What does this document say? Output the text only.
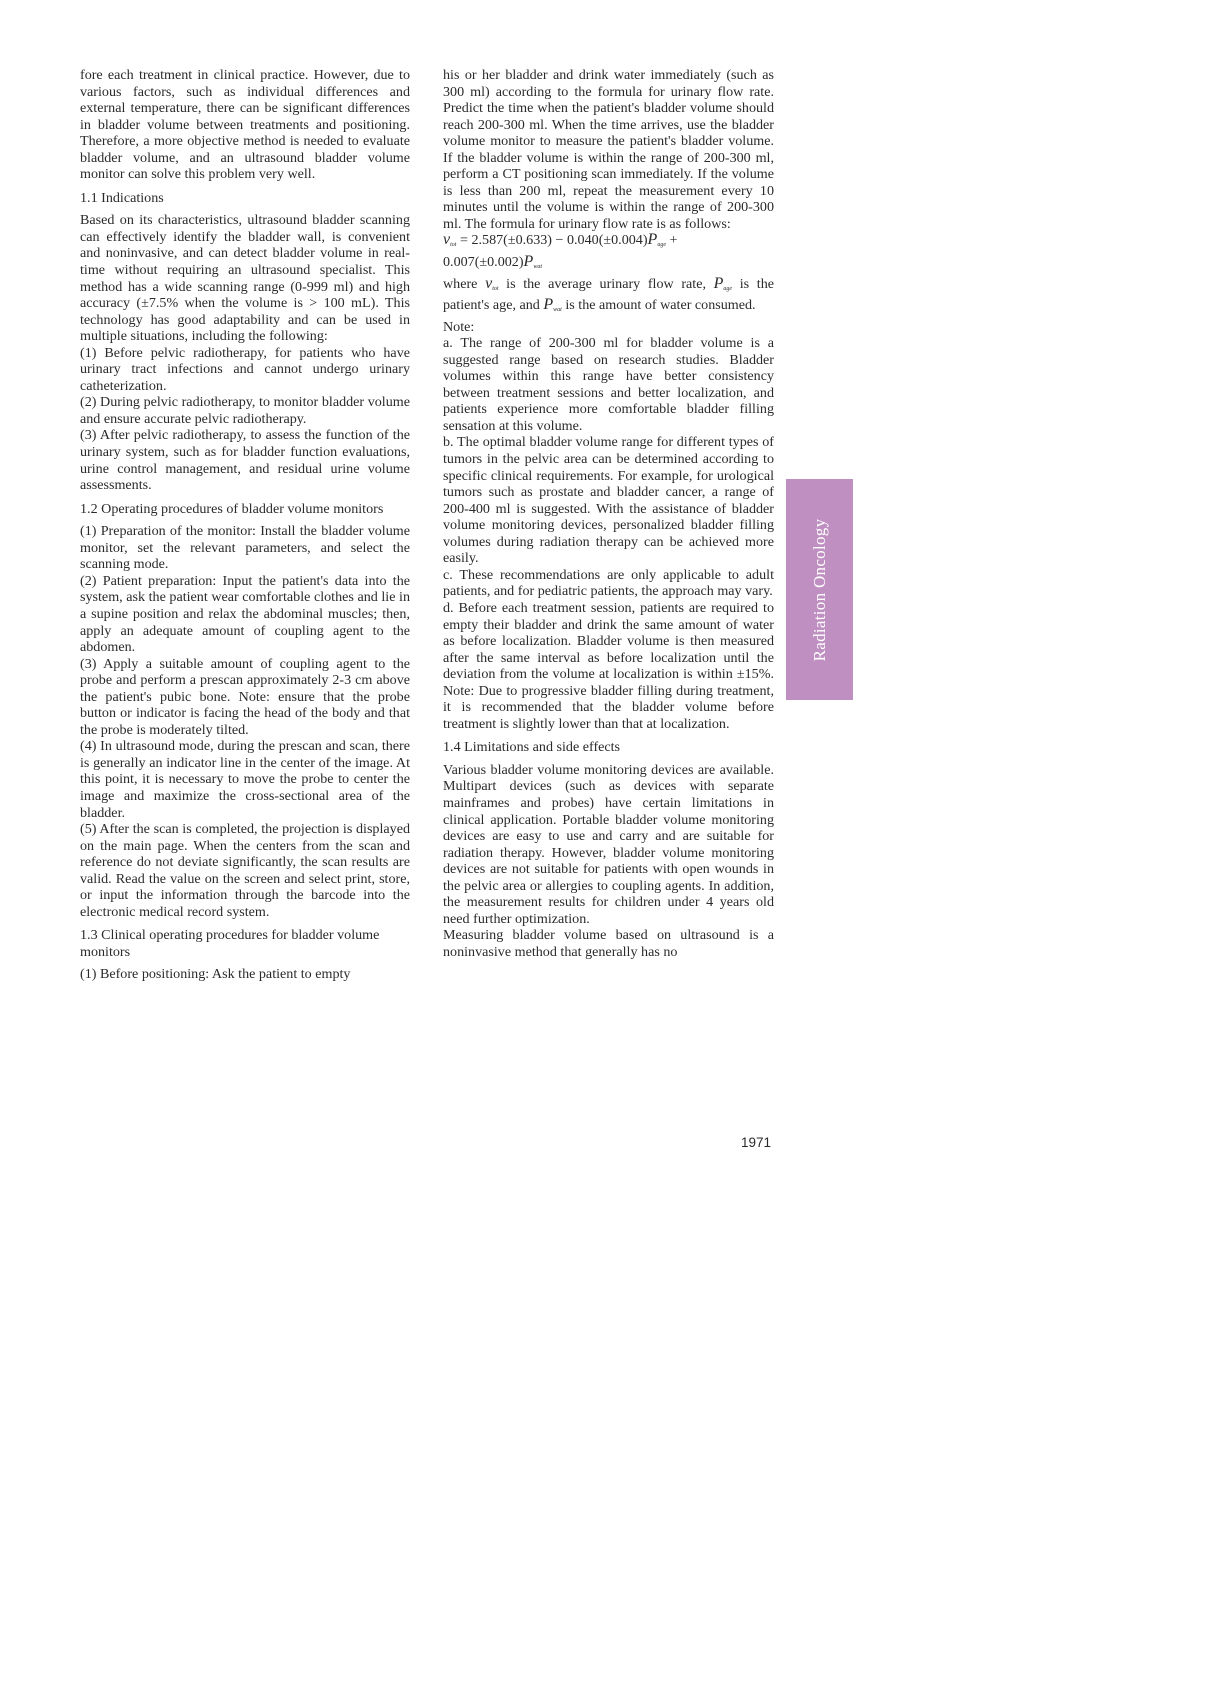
fore each treatment in clinical practice. However, due to various factors, such as individual differences and external temperature, there can be significant differences in bladder volume between treatments and positioning. Therefore, a more objective method is needed to evaluate bladder volume, and an ultrasound bladder volume monitor can solve this problem very well.

1.1 Indications

Based on its characteristics, ultrasound bladder scanning can effectively identify the bladder wall, is convenient and noninvasive, and can detect bladder volume in real-time without requiring an ultrasound specialist. This method has a wide scanning range (0-999 ml) and high accuracy (±7.5% when the volume is > 100 mL). This technology has good adaptability and can be used in multiple situations, including the following:

(1) Before pelvic radiotherapy, for patients who have urinary tract infections and cannot undergo urinary catheterization.

(2) During pelvic radiotherapy, to monitor bladder volume and ensure accurate pelvic radiotherapy.

(3) After pelvic radiotherapy, to assess the function of the urinary system, such as for bladder function evaluations, urine control management, and residual urine volume assessments.

1.2 Operating procedures of bladder volume monitors

(1) Preparation of the monitor: Install the bladder volume monitor, set the relevant parameters, and select the scanning mode.

(2) Patient preparation: Input the patient's data into the system, ask the patient wear comfortable clothes and lie in a supine position and relax the abdominal muscles; then, apply an adequate amount of coupling agent to the abdomen.

(3) Apply a suitable amount of coupling agent to the probe and perform a prescan approximately 2-3 cm above the patient's pubic bone. Note: ensure that the probe button or indicator is facing the head of the body and that the probe is moderately tilted.

(4) In ultrasound mode, during the prescan and scan, there is generally an indicator line in the center of the image. At this point, it is necessary to move the probe to center the image and maximize the cross-sectional area of the bladder.

(5) After the scan is completed, the projection is displayed on the main page. When the centers from the scan and reference do not deviate significantly, the scan results are valid. Read the value on the screen and select print, store, or input the information through the barcode into the electronic medical record system.

1.3 Clinical operating procedures for bladder volume monitors

(1) Before positioning: Ask the patient to empty

his or her bladder and drink water immediately (such as 300 ml) according to the formula for urinary flow rate. Predict the time when the patient's bladder volume should reach 200-300 ml. When the time arrives, use the bladder volume monitor to measure the patient's bladder volume. If the bladder volume is within the range of 200-300 ml, perform a CT positioning scan immediately. If the volume is less than 200 ml, repeat the measurement every 10 minutes until the volume is within the range of 200-300 ml. The formula for urinary flow rate is as follows:

$v_{tot} = 2.587(\pm 0.633) - 0.040(\pm 0.004)P_{age}$ +
$0.007(\pm 0.002)P_{wat}$

where $v_{tot}$ is the average urinary flow rate, $P_{age}$ is the patient's age, and $P_{wat}$ is the amount of water consumed.

Note:

a. The range of 200-300 ml for bladder volume is a suggested range based on research studies. Bladder volumes within this range have better consistency between treatment sessions and better localization, and patients experience more comfortable bladder filling sensation at this volume.

b. The optimal bladder volume range for different types of tumors in the pelvic area can be determined according to specific clinical requirements. For example, for urological tumors such as prostate and bladder cancer, a range of 200-400 ml is suggested. With the assistance of bladder volume monitoring devices, personalized bladder filling volumes during radiation therapy can be achieved more easily.

c. These recommendations are only applicable to adult patients, and for pediatric patients, the approach may vary.

d. Before each treatment session, patients are required to empty their bladder and drink the same amount of water as before localization. Bladder volume is then measured after the same interval as before localization until the deviation from the volume at localization is within ±15%. Note: Due to progressive bladder filling during treatment, it is recommended that the bladder volume before treatment is slightly lower than that at localization.

1.4 Limitations and side effects

Various bladder volume monitoring devices are available. Multipart devices (such as devices with separate mainframes and probes) have certain limitations in clinical application. Portable bladder volume monitoring devices are easy to use and carry and are suitable for radiation therapy. However, bladder volume monitoring devices are not suitable for patients with open wounds in the pelvic area or allergies to coupling agents. In addition, the measurement results for children under 4 years old need further optimization.

Measuring bladder volume based on ultrasound is a noninvasive method that generally has no

Radiation Oncology
1971
